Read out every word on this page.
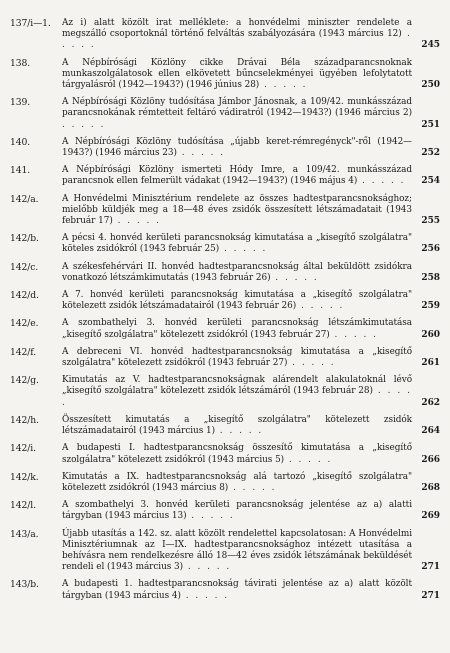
137/i—1.	Az i) alatt közölt irat melléklete: a honvédelmi miniszter rendelete a megszálló csoportoknál történő felváltás szabályozására (1943 március 12) . . . . .	245
138.	A Népbírósági Közlöny cikke Drávai Béla századparancsnoknak munkaszolgálatosok ellen elkövetett bűncselekményei ügyében lefolytatott tárgyalásról (1942—1943?) (1946 június 28) . . . . .	250
139.	A Népbírósági Közlöny tudósítása Jámbor Jánosnak, a 109/42. munkásszázad parancsnokának rémtetteit feltáró vádiratról (1942—1943?) (1946 március 2) . . . . .	251
140.	A Népbírósági Közlöny tudósítása „újabb keret-rémregényck"-ről (1942—1943?) (1946 március 23) . . . . .	252
141.	A Népbírósági Közlöny ismerteti Hódy Imre, a 109/42. munkásszázad parancsnok ellen felmerült vádakat (1942—1943?) (1946 május 4) . . . . . 254
142/a.	A Honvédelmi Minisztérium rendelete az összes hadtestparancsnoksághoz; mielőbb küldjék meg a 18—48 éves zsidók összesített létszámadatait (1943 február 17) . . . . .	255
142/b.	A pécsi 4. honvéd kerületi parancsnokság kimutatása a „kisegítő szolgálatra" köteles zsidókról (1943 február 25) . . . . .	256
142/c.	A székesfehérvári II. honvéd hadtestparancsnokság által beküldött zsidókra vonatkozó létszámkimutatás (1943 február 26) . . . . .	258
142/d.	A 7. honvéd kerületi parancsnokság kimutatása a „kisegítő szolgálatra" kötelezett zsidók létszámadatairól (1943 február 26) . . . . .	259
142/e.	A szombathelyi 3. honvéd kerületi parancsnokság létszámkimutatása „kisegítő szolgálatra" kötelezett zsidókról (1943 február 27) . . . . .	260
142/f.	A debreceni VI. honvéd hadtestparancsnokság kimutatása a „kisegítő szolgálatra" kötelezett zsidókról (1943 február 27) . . . . .	261
142/g.	Kimutatás az V. hadtestparancsnokságnak alárendelt alakulatoknál lévő „kisegítő szolgálatra" kötelezett zsidók létszámáról (1943 február 28) . . . . .	262
142/h.	Összesített kimutatás a „kisegítő szolgálatra" kötelezett zsidók létszámadatairól (1943 március 1) . . . . .	264
142/i.	A budapesti I. hadtestparancsnokság összesítő kimutatása a „kisegítő szolgálatra" kötelezett zsidókról (1943 március 5) . . . . .	266
142/k.	Kimutatás a IX. hadtestparancsnokság alá tartozó „kisegítő szolgálatra" kötelezett zsidókról (1943 március 8) . . . . .	268
142/l.	A szombathelyi 3. honvéd kerületi parancsnokság jelentése az a) alatti tárgyban (1943 március 13) . . . . .	269
143/a.	Újabb utasítás a 142. sz. alatt közölt rendelettel kapcsolatosan: A Honvédelmi Minisztériumnak az I—IX. hadtestparancsnoksághoz intézett utasítása a behívásra nem rendelkezésre álló 18—42 éves zsidók létszámának beküldését rendeli el (1943 március 3) . . . . .	271
143/b.	A budapesti 1. hadtestparancsnokság távirati jelentése az a) alatt közölt tárgyban (1943 március 4) . . . . .	271
